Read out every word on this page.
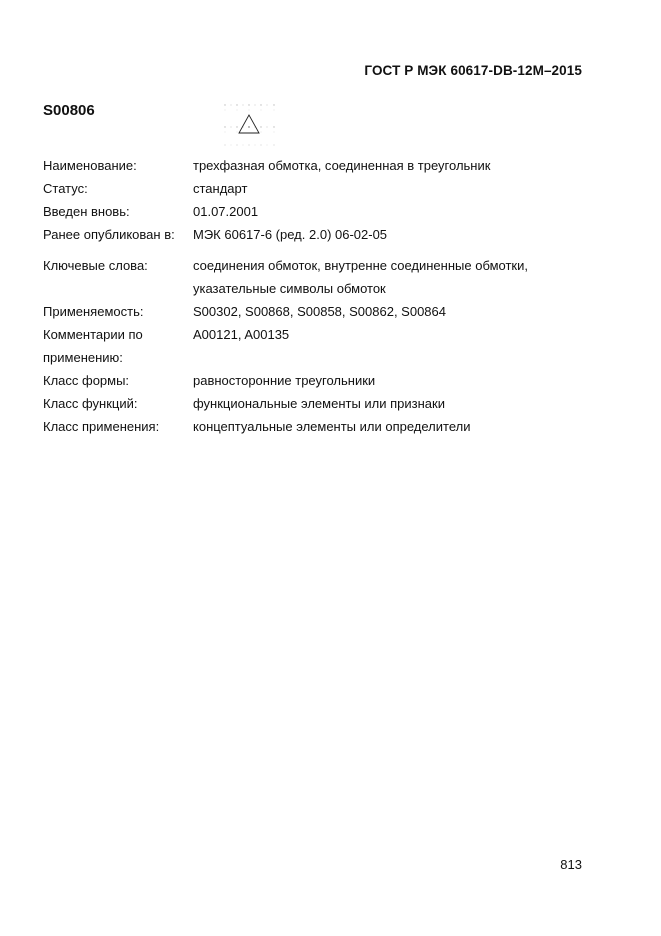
ГОСТ Р МЭК 60617-DB-12M–2015
S00806
Наименование:	трехфазная обмотка, соединенная в треугольник
Статус:	стандарт
Введен вновь:	01.07.2001
Ранее опубликован в:	МЭК 60617-6 (ред. 2.0) 06-02-05
Ключевые слова:	соединения обмоток, внутренне соединенные обмотки,
указательные символы обмоток

Применяемость:	S00302, S00868, S00858, S00862, S00864

Комментарии по
применению:	A00121, A00135
Класс формы:	равносторонние треугольники
Класс функций:	функциональные элементы или признаки
Класс применения:	концептуальные элементы или определители
813
